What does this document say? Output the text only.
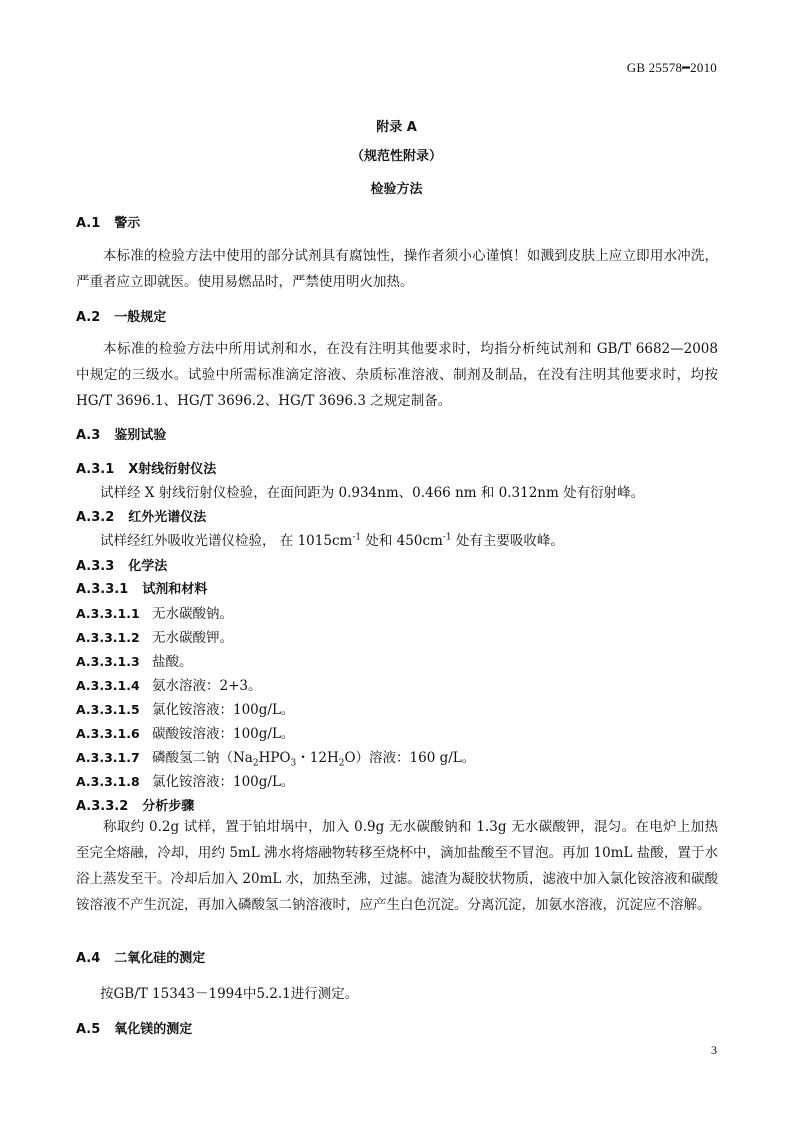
GB 25578━2010
附录 A
（规范性附录）
检验方法
A.1 警示
本标准的检验方法中使用的部分试剂具有腐蚀性，操作者须小心谨慎！如溅到皮肤上应立即用水冲洗，严重者应立即就医。使用易燃品时，严禁使用明火加热。
A.2 一般规定
本标准的检验方法中所用试剂和水，在没有注明其他要求时，均指分析纯试剂和 GB/T 6682—2008 中规定的三级水。试验中所需标准滴定溶液、杂质标准溶液、制剂及制品，在没有注明其他要求时，均按 HG/T 3696.1、HG/T 3696.2、HG/T 3696.3 之规定制备。
A.3 鉴别试验
A.3.1 X射线衍射仪法
试样经 X 射线衍射仪检验，在面间距为 0.934nm、0.466 nm 和 0.312nm 处有衍射峰。
A.3.2 红外光谱仪法
试样经红外吸收光谱仪检验， 在 $1015cm^{-1}$ 处和 $450cm^{-1}$ 处有主要吸收峰。
A.3.3 化学法
A.3.3.1 试剂和材料
A.3.3.1.1 无水碳酸钠。
A.3.3.1.2 无水碳酸钾。
A.3.3.1.3 盐酸。
A.3.3.1.4 氨水溶液：2+3。
A.3.3.1.5 氯化铵溶液：100g/L。
A.3.3.1.6 碳酸铵溶液：100g/L。
A.3.3.1.7 磷酸氢二钠（$Na_2HPO_3$・$12H_2O$）溶液：160 g/L。
A.3.3.1.8 氯化铵溶液：100g/L。
A.3.3.2 分析步骤
称取约 0.2g 试样，置于铂坩埚中，加入 0.9g 无水碳酸钠和 1.3g 无水碳酸钾，混匀。在电炉上加热至完全熔融，冷却，用约 5mL 沸水将熔融物转移至烧杯中，滴加盐酸至不冒泡。再加 10mL 盐酸，置于水浴上蒸发至干。冷却后加入 20mL 水，加热至沸，过滤。滤渣为凝胶状物质，滤液中加入氯化铵溶液和碳酸铵溶液不产生沉淀，再加入磷酸氢二钠溶液时，应产生白色沉淀。分离沉淀，加氨水溶液，沉淀应不溶解。
A.4 二氧化硅的测定
按GB/T 15343－1994中5.2.1进行测定。
A.5 氧化镁的测定
3
